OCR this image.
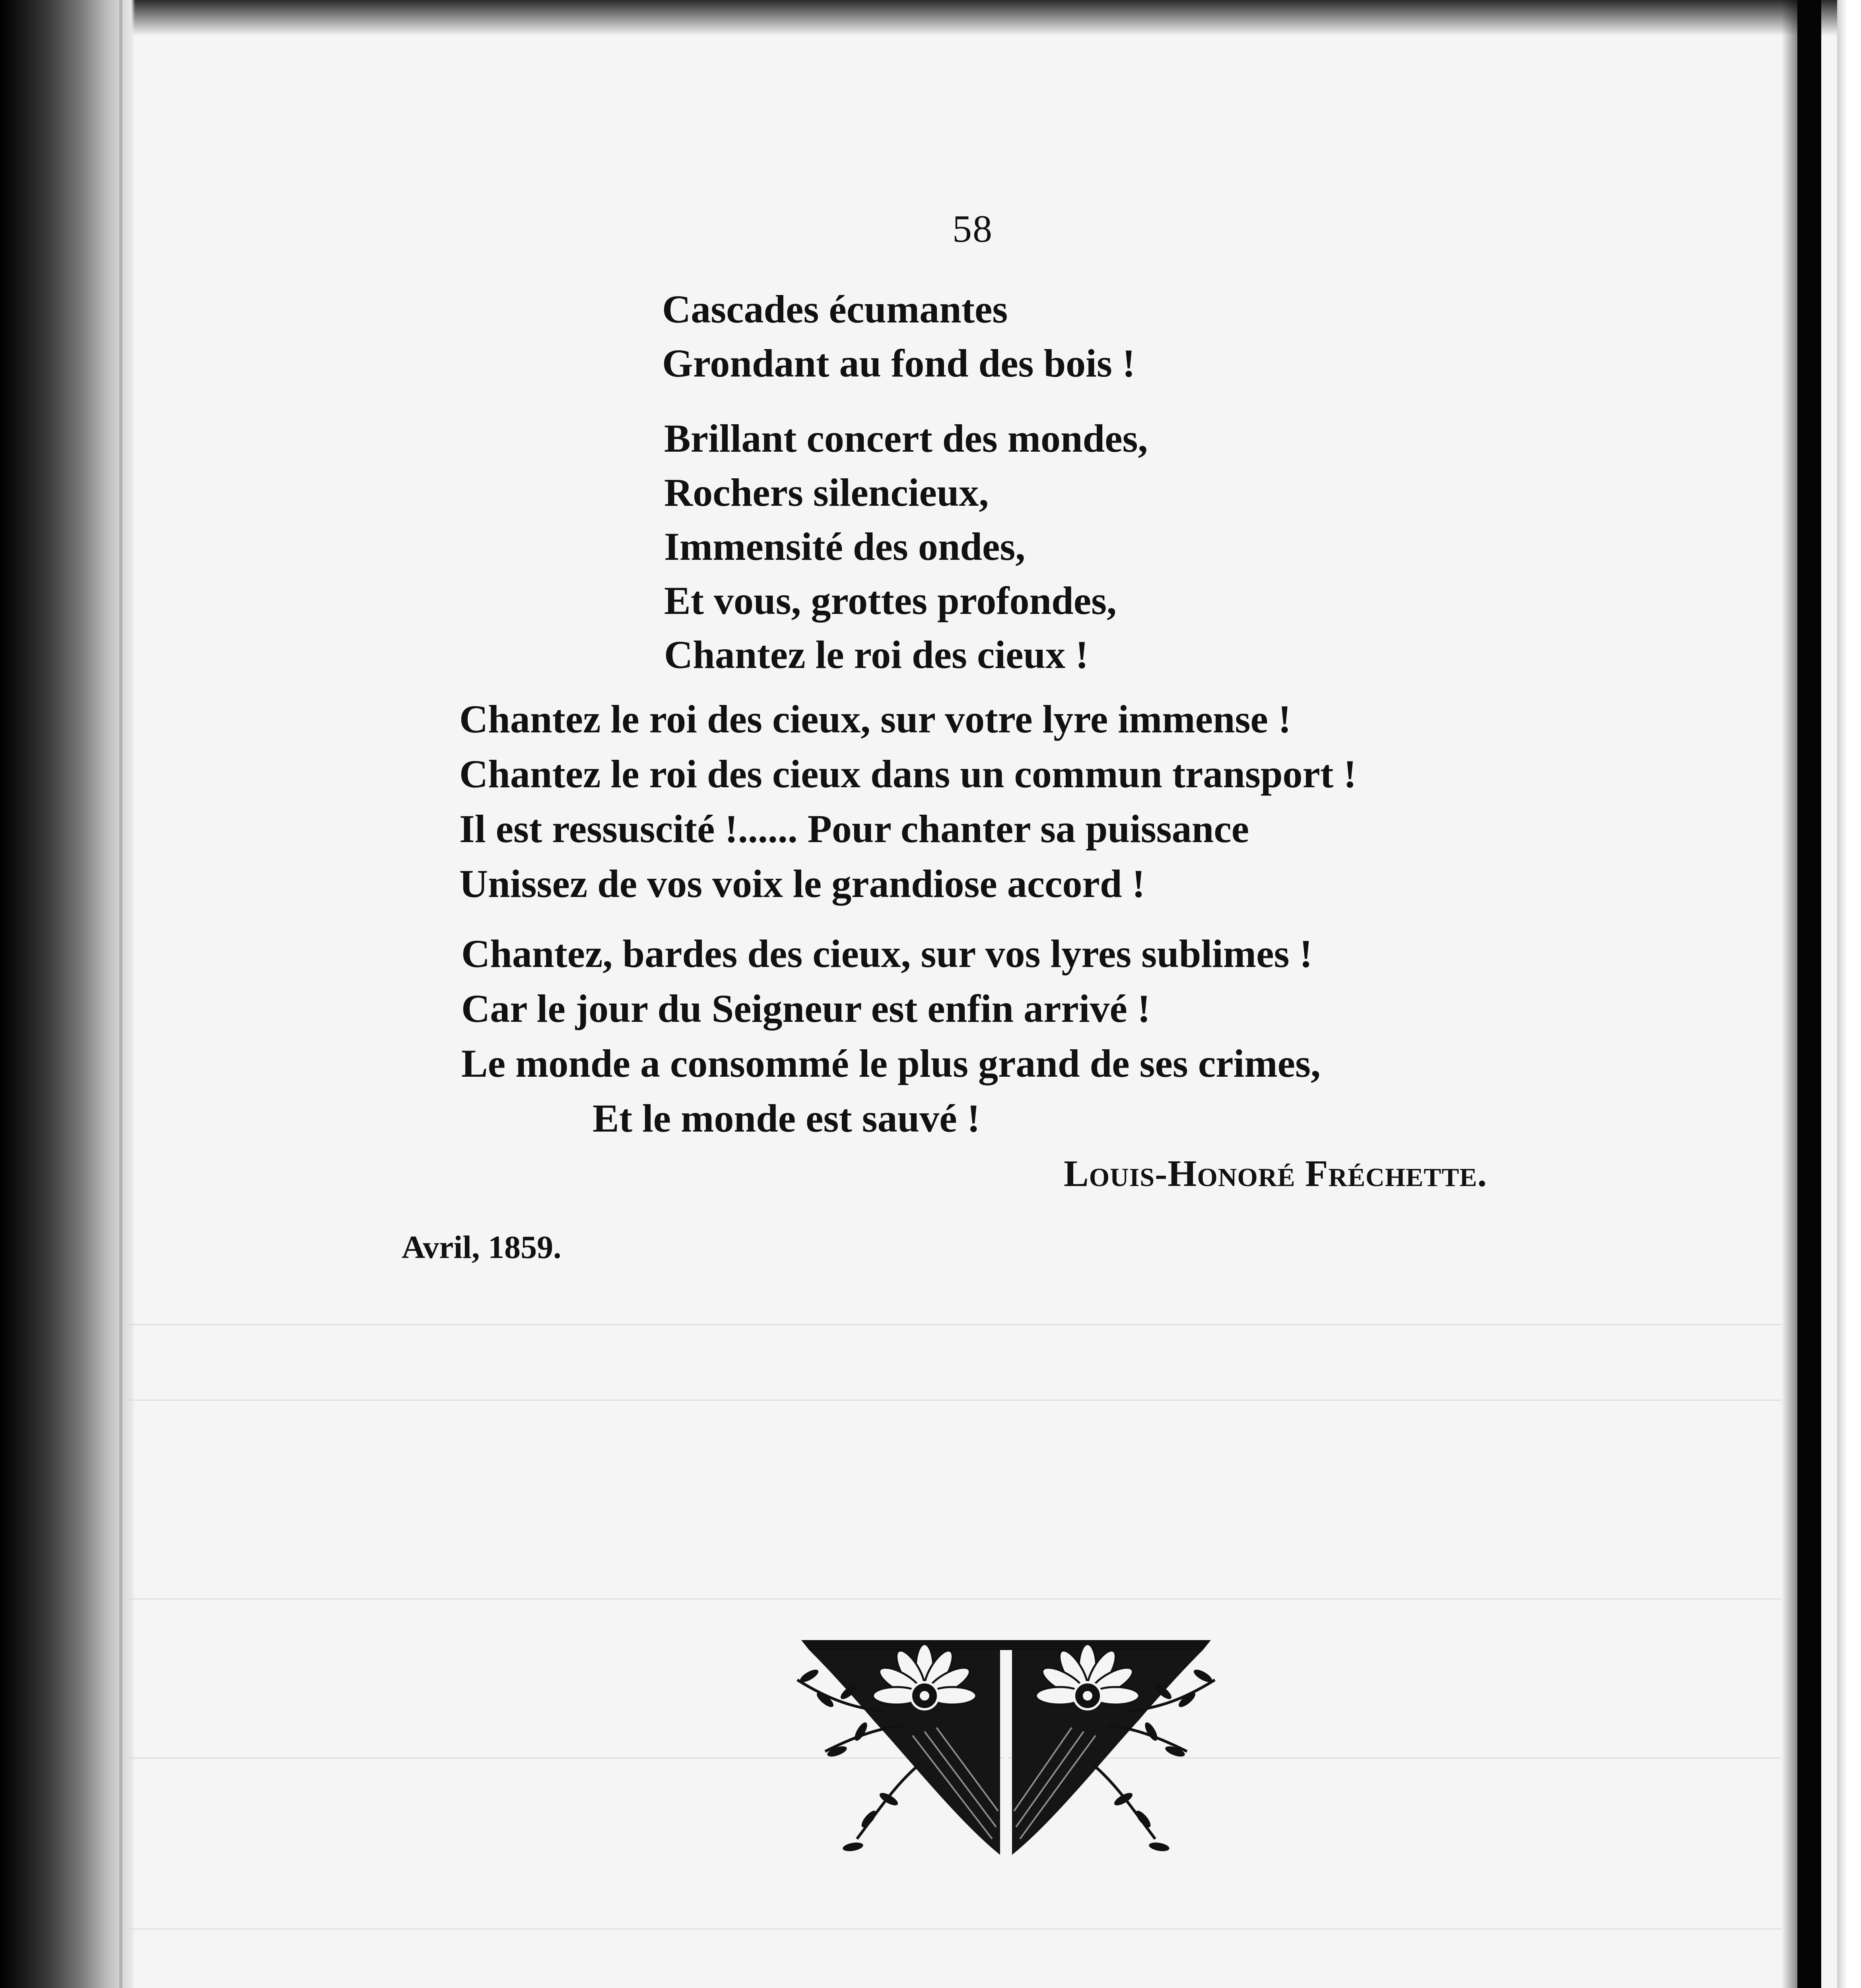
58
Cascades écumantes
Grondant au fond des bois !
Brillant concert des mondes,
Rochers silencieux,
Immensité des ondes,
Et vous, grottes profondes,
Chantez le roi des cieux !
Chantez le roi des cieux, sur votre lyre immense !
Chantez le roi des cieux dans un commun transport !
Il est ressuscité !...... Pour chanter sa puissance
Unissez de vos voix le grandiose accord !
Chantez, bardes des cieux, sur vos lyres sublimes !
Car le jour du Seigneur est enfin arrivé !
Le monde a consommé le plus grand de ses crimes,
Et le monde est sauvé !
Louis-Honoré Fréchette.
Avril, 1859.
